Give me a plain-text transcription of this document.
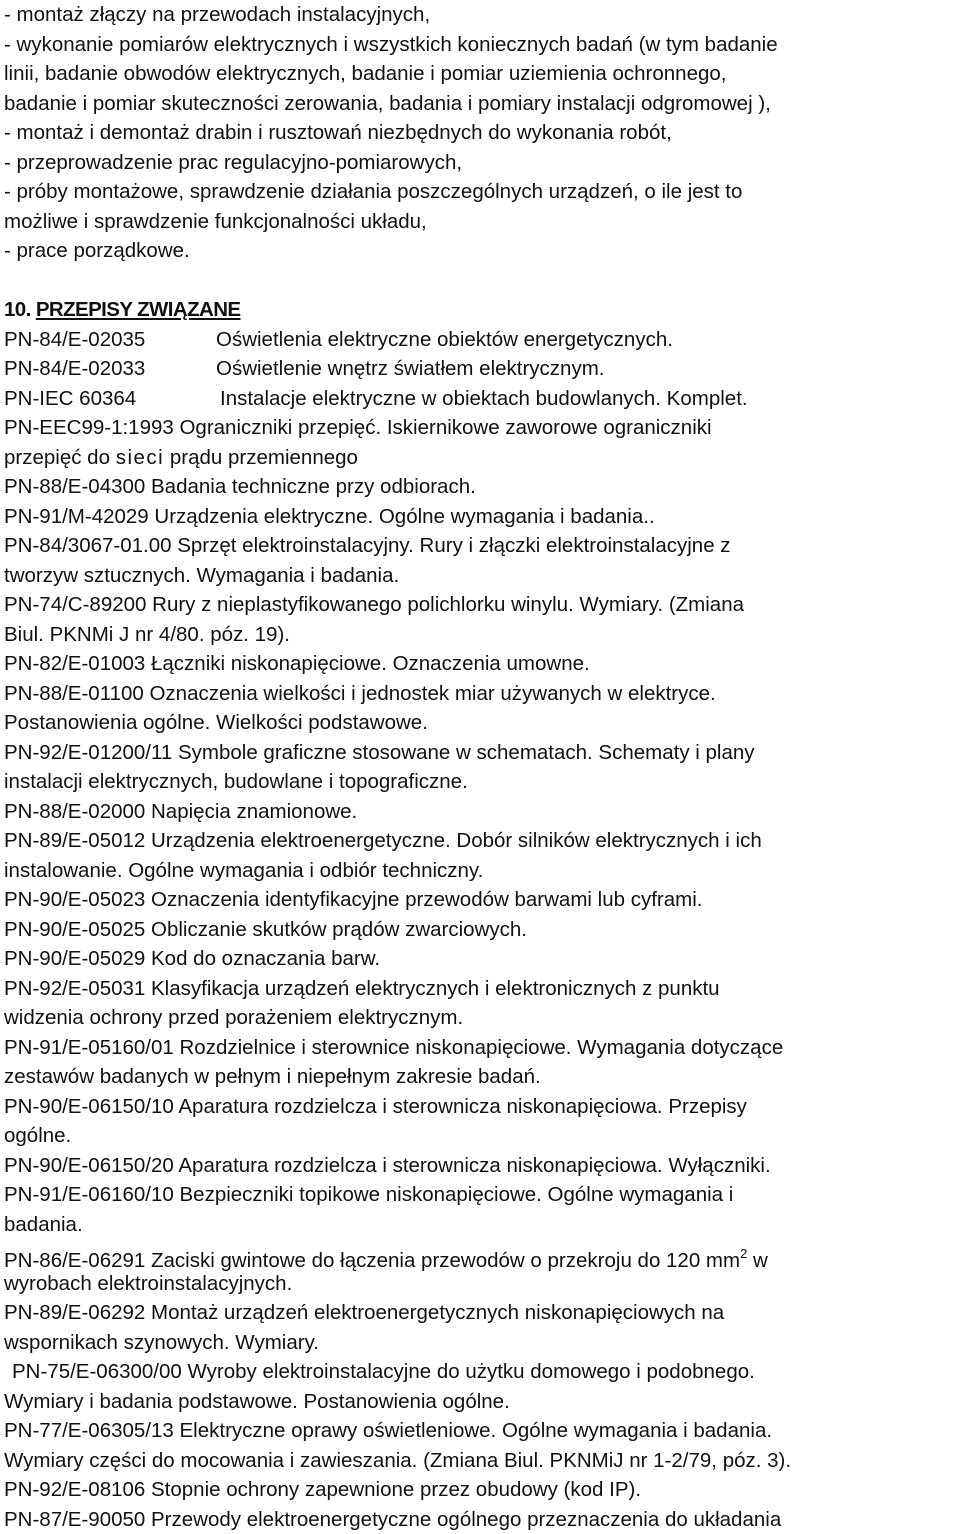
- montaż złączy na przewodach instalacyjnych,
- wykonanie pomiarów elektrycznych i wszystkich koniecznych badań (w tym badanie
linii, badanie obwodów elektrycznych, badanie i pomiar uziemienia ochronnego,
badanie i pomiar skuteczności zerowania, badania i pomiary instalacji odgromowej ),
- montaż i demontaż drabin i rusztowań niezbędnych do wykonania robót,
- przeprowadzenie prac regulacyjno-pomiarowych,
- próby montażowe, sprawdzenie działania poszczególnych urządzeń, o ile jest to
możliwe i sprawdzenie funkcjonalności układu,
- prace porządkowe.
10. PRZEPISY ZWIĄZANE
PN-84/E-02035	Oświetlenia elektryczne obiektów energetycznych.
PN-84/E-02033	Oświetlenie wnętrz światłem elektrycznym.
PN-IEC 60364	Instalacje elektryczne w obiektach budowlanych. Komplet.
PN-EEC99-1:1993 Ograniczniki przepięć. Iskiernikowe zaworowe ograniczniki
przepięć do sieci prądu przemiennego
PN-88/E-04300 Badania techniczne przy odbiorach.
PN-91/M-42029 Urządzenia elektryczne. Ogólne wymagania i badania..
PN-84/3067-01.00 Sprzęt elektroinstalacyjny. Rury i złączki elektroinstalacyjne z
tworzyw sztucznych. Wymagania i badania.
PN-74/C-89200 Rury z nieplastyfikowanego polichlorku winylu. Wymiary. (Zmiana
Biul. PKNMi J nr 4/80. póz. 19).
PN-82/E-01003 Łączniki niskonapięciowe. Oznaczenia umowne.
PN-88/E-01100 Oznaczenia wielkości i jednostek miar używanych w elektryce.
Postanowienia ogólne. Wielkości podstawowe.
PN-92/E-01200/11 Symbole graficzne stosowane w schematach. Schematy i plany
instalacji elektrycznych, budowlane i topograficzne.
PN-88/E-02000 Napięcia znamionowe.
PN-89/E-05012 Urządzenia elektroenergetyczne. Dobór silników elektrycznych i ich
instalowanie. Ogólne wymagania i odbiór techniczny.
PN-90/E-05023 Oznaczenia identyfikacyjne przewodów barwami lub cyframi.
PN-90/E-05025 Obliczanie skutków prądów zwarciowych.
PN-90/E-05029 Kod do oznaczania barw.
PN-92/E-05031 Klasyfikacja urządzeń elektrycznych i elektronicznych z punktu
widzenia ochrony przed porażeniem elektrycznym.
PN-91/E-05160/01 Rozdzielnice i sterownice niskonapięciowe. Wymagania dotyczące
zestawów badanych w pełnym i niepełnym zakresie badań.
PN-90/E-06150/10 Aparatura rozdzielcza i sterownicza niskonapięciowa. Przepisy
ogólne.
PN-90/E-06150/20 Aparatura rozdzielcza i sterownicza niskonapięciowa. Wyłączniki.
PN-91/E-06160/10 Bezpieczniki topikowe niskonapięciowe. Ogólne wymagania i
badania.
PN-86/E-06291 Zaciski gwintowe do łączenia przewodów o przekroju do 120 $mm^2$ w
wyrobach elektroinstalacyjnych.
PN-89/E-06292 Montaż urządzeń elektroenergetycznych niskonapięciowych na
wspornikach szynowych. Wymiary.
PN-75/E-06300/00 Wyroby elektroinstalacyjne do użytku domowego i podobnego.
Wymiary i badania podstawowe. Postanowienia ogólne.
PN-77/E-06305/13 Elektryczne oprawy oświetleniowe. Ogólne wymagania i badania.
Wymiary części do mocowania i zawieszania. (Zmiana Biul. PKNMiJ nr 1-2/79, póz. 3).
PN-92/E-08106 Stopnie ochrony zapewnione przez obudowy (kod IP).
PN-87/E-90050 Przewody elektroenergetyczne ogólnego przeznaczenia do układania
